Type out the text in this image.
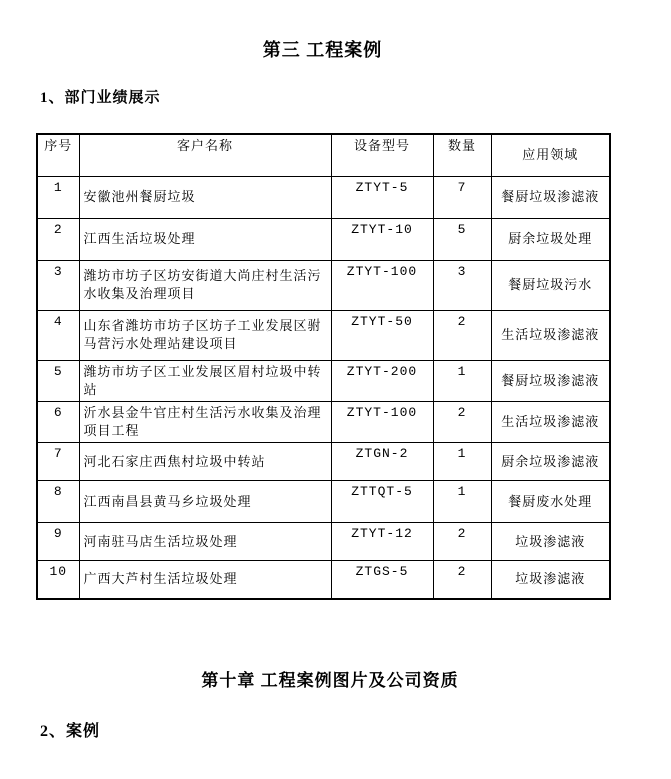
第三 工程案例
1、部门业绩展示
序号	客户名称	设备型号	数量	应用领域
1	安徽池州餐厨垃圾	ZTYT-5	7	餐厨垃圾渗滤液
2	江西生活垃圾处理	ZTYT-10	5	厨余垃圾处理
3	潍坊市坊子区坊安街道大尚庄村生活污水收集及治理项目	ZTYT-100	3	餐厨垃圾污水
4	山东省潍坊市坊子区坊子工业发展区驸马营污水处理站建设项目	ZTYT-50	2	生活垃圾渗滤液
5	潍坊市坊子区工业发展区眉村垃圾中转站	ZTYT-200	1	餐厨垃圾渗滤液
6	沂水县金牛官庄村生活污水收集及治理项目工程	ZTYT-100	2	生活垃圾渗滤液
7	河北石家庄西焦村垃圾中转站	ZTGN-2	1	厨余垃圾渗滤液
8	江西南昌县黄马乡垃圾处理	ZTTQT-5	1	餐厨废水处理
9	河南驻马店生活垃圾处理	ZTYT-12	2	垃圾渗滤液
10	广西大芦村生活垃圾处理	ZTGS-5	2	垃圾渗滤液
第十章 工程案例图片及公司资质
2、案例
